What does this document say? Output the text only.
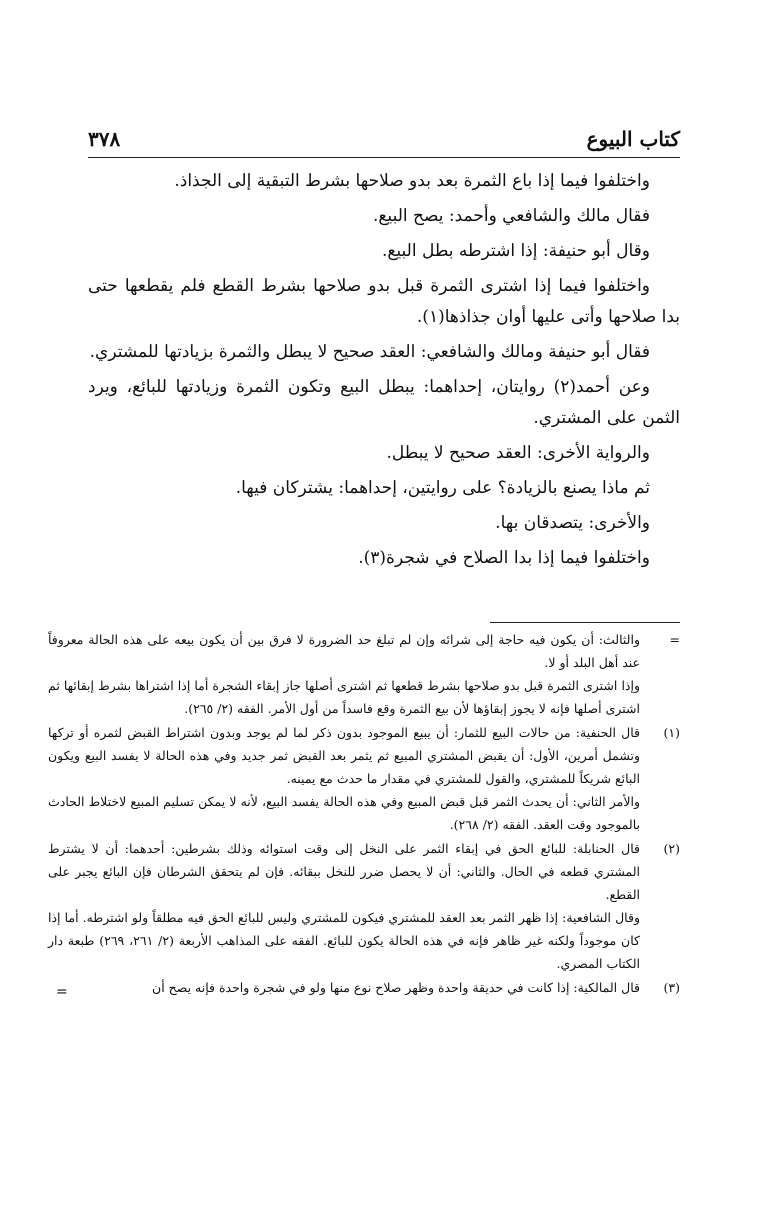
كتاب البيوع
٣٧٨

واختلفوا فيما إذا باع الثمرة بعد بدو صلاحها بشرط التبقية إلى الجذاذ.

فقال مالك والشافعي وأحمد: يصح البيع.

وقال أبو حنيفة: إذا اشترطه بطل البيع.

واختلفوا فيما إذا اشترى الثمرة قبل بدو صلاحها بشرط القطع فلم يقطعها حتى بدا صلاحها وأتى عليها أوان جذاذها(١).

فقال أبو حنيفة ومالك والشافعي: العقد صحيح لا يبطل والثمرة بزيادتها للمشتري.

وعن أحمد(٢) روايتان، إحداهما: يبطل البيع وتكون الثمرة وزيادتها للبائع، ويرد الثمن على المشتري.

والرواية الأخرى: العقد صحيح لا يبطل.

ثم ماذا يصنع بالزيادة؟ على روايتين، إحداهما: يشتركان فيها.

والأخرى: يتصدقان بها.

واختلفوا فيما إذا بدا الصلاح في شجرة(٣).

=

والثالث: أن يكون فيه حاجة إلى شرائه وإن لم تبلغ حد الضرورة لا فرق بين أن يكون بيعه على هذه الحالة معروفاً عند أهل البلد أو لا.

وإذا اشترى الثمرة قبل بدو صلاحها بشرط قطعها ثم اشترى أصلها جاز إبقاء الشجرة أما إذا اشتراها بشرط إبقائها ثم اشترى أصلها فإنه لا يجوز إبقاؤها لأن بيع الثمرة وقع فاسداً من أول الأمر. الفقه (٢/ ٢٦٥).

(١)

قال الحنفية: من حالات البيع للثمار: أن يبيع الموجود بدون ذكر لما لم يوجد وبدون اشتراط القبض لثمره أو تركها وتشمل أمرين، الأول: أن يقبض المشتري المبيع ثم يثمر بعد القبض ثمر جديد وفي هذه الحالة لا يفسد البيع ويكون البائع شريكاً للمشتري، والقول للمشتري في مقدار ما حدث مع يمينه.

والأمر الثاني: أن يحدث الثمر قبل قبض المبيع وفي هذه الحالة يفسد البيع، لأنه لا يمكن تسليم المبيع لاختلاط الحادث بالموجود وقت العقد. الفقه (٢/ ٢٦٨).

(٢)

قال الحنابلة: للبائع الحق في إبقاء الثمر على النخل إلى وقت استوائه وذلك بشرطين: أحدهما: أن لا يشترط المشتري قطعه في الحال. والثاني: أن لا يحصل ضرر للنخل ببقائه. فإن لم يتحقق الشرطان فإن البائع يجبر على القطع.

وقال الشافعية: إذا ظهر الثمر بعد العقد للمشتري فيكون للمشتري وليس للبائع الحق فيه مطلقاً ولو اشترطه. أما إذا كان موجوداً ولكنه غير ظاهر فإنه في هذه الحالة يكون للبائع. الفقه على المذاهب الأربعة (٢/ ٢٦١، ٢٦٩) طبعة دار الكتاب المصري.

(٣)

قال المالكية: إذا كانت في حديقة واحدة وظهر صلاح نوع منها ولو في شجرة واحدة فإنه يصح أن

=
